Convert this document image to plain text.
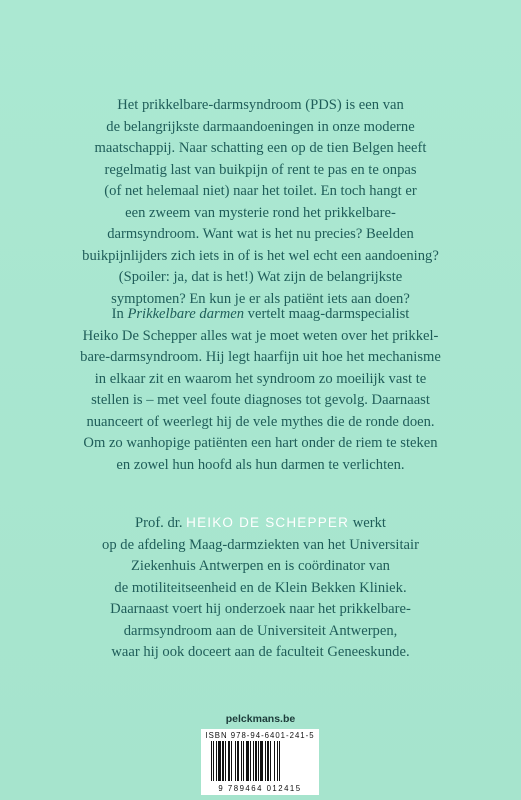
Het prikkelbare-darmsyndroom (PDS) is een van

de belangrijkste darmaandoeningen in onze moderne

maatschappij. Naar schatting een op de tien Belgen heeft

regelmatig last van buikpijn of rent te pas en te onpas

(of net helemaal niet) naar het toilet. En toch hangt er

een zweem van mysterie rond het prikkelbare-

darmsyndroom. Want wat is het nu precies? Beelden

buikpijnlijders zich iets in of is het wel echt een aandoening?

(Spoiler: ja, dat is het!) Wat zijn de belangrijkste

symptomen? En kun je er als patiënt iets aan doen?

In Prikkelbare darmen vertelt maag-darmspecialist

Heiko De Schepper alles wat je moet weten over het prikkel-

bare-darmsyndroom. Hij legt haarfijn uit hoe het mechanisme

in elkaar zit en waarom het syndroom zo moeilijk vast te

stellen is – met veel foute diagnoses tot gevolg. Daarnaast

nuanceert of weerlegt hij de vele mythes die de ronde doen.

Om zo wanhopige patiënten een hart onder de riem te steken

en zowel hun hoofd als hun darmen te verlichten.

Prof. dr. HEIKO DE SCHEPPER werkt

op de afdeling Maag-darmziekten van het Universitair

Ziekenhuis Antwerpen en is coördinator van

de motiliteitseenheid en de Klein Bekken Kliniek.

Daarnaast voert hij onderzoek naar het prikkelbare-

darmsyndroom aan de Universiteit Antwerpen,

waar hij ook doceert aan de faculteit Geneeskunde.

pelckmans.be
ISBN 978-94-6401-241-5
9 789464 012415
